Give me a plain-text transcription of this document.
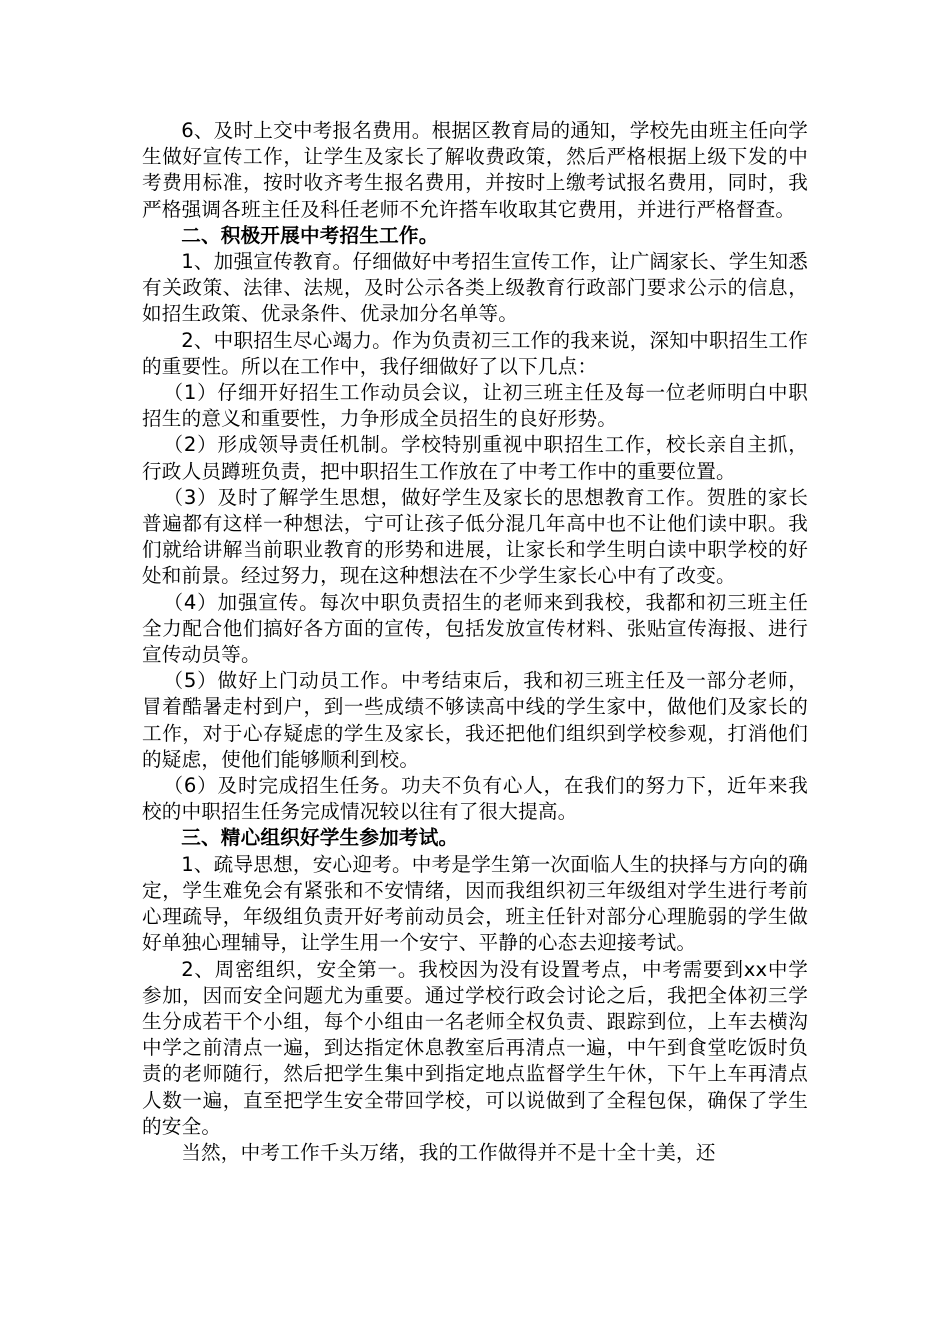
6、及时上交中考报名费用。根据区教育局的通知，学校先由班主任向学生做好宣传工作，让学生及家长了解收费政策，然后严格根据上级下发的中考费用标准，按时收齐考生报名费用，并按时上缴考试报名费用，同时，我严格强调各班主任及科任老师不允许搭车收取其它费用，并进行严格督查。

二、积极开展中考招生工作。

1、加强宣传教育。仔细做好中考招生宣传工作，让广阔家长、学生知悉有关政策、法律、法规，及时公示各类上级教育行政部门要求公示的信息，如招生政策、优录条件、优录加分名单等。

2、中职招生尽心竭力。作为负责初三工作的我来说，深知中职招生工作的重要性。所以在工作中，我仔细做好了以下几点：

（1）仔细开好招生工作动员会议，让初三班主任及每一位老师明白中职招生的意义和重要性，力争形成全员招生的良好形势。

（2）形成领导责任机制。学校特别重视中职招生工作，校长亲自主抓，行政人员蹲班负责，把中职招生工作放在了中考工作中的重要位置。

（3）及时了解学生思想，做好学生及家长的思想教育工作。贺胜的家长普遍都有这样一种想法，宁可让孩子低分混几年高中也不让他们读中职。我们就给讲解当前职业教育的形势和进展，让家长和学生明白读中职学校的好处和前景。经过努力，现在这种想法在不少学生家长心中有了改变。

（4）加强宣传。每次中职负责招生的老师来到我校，我都和初三班主任全力配合他们搞好各方面的宣传，包括发放宣传材料、张贴宣传海报、进行宣传动员等。

（5）做好上门动员工作。中考结束后，我和初三班主任及一部分老师，冒着酷暑走村到户，到一些成绩不够读高中线的学生家中，做他们及家长的工作，对于心存疑虑的学生及家长，我还把他们组织到学校参观，打消他们的疑虑，使他们能够顺利到校。

（6）及时完成招生任务。功夫不负有心人，在我们的努力下，近年来我校的中职招生任务完成情况较以往有了很大提高。

三、精心组织好学生参加考试。

1、疏导思想，安心迎考。中考是学生第一次面临人生的抉择与方向的确定，学生难免会有紧张和不安情绪，因而我组织初三年级组对学生进行考前心理疏导，年级组负责开好考前动员会，班主任针对部分心理脆弱的学生做好单独心理辅导，让学生用一个安宁、平静的心态去迎接考试。

2、周密组织，安全第一。我校因为没有设置考点，中考需要到xx中学参加，因而安全问题尤为重要。通过学校行政会讨论之后，我把全体初三学生分成若干个小组，每个小组由一名老师全权负责、跟踪到位，上车去横沟中学之前清点一遍，到达指定休息教室后再清点一遍，中午到食堂吃饭时负责的老师随行，然后把学生集中到指定地点监督学生午休，下午上车再清点人数一遍，直至把学生安全带回学校，可以说做到了全程包保，确保了学生的安全。

当然，中考工作千头万绪，我的工作做得并不是十全十美，还
